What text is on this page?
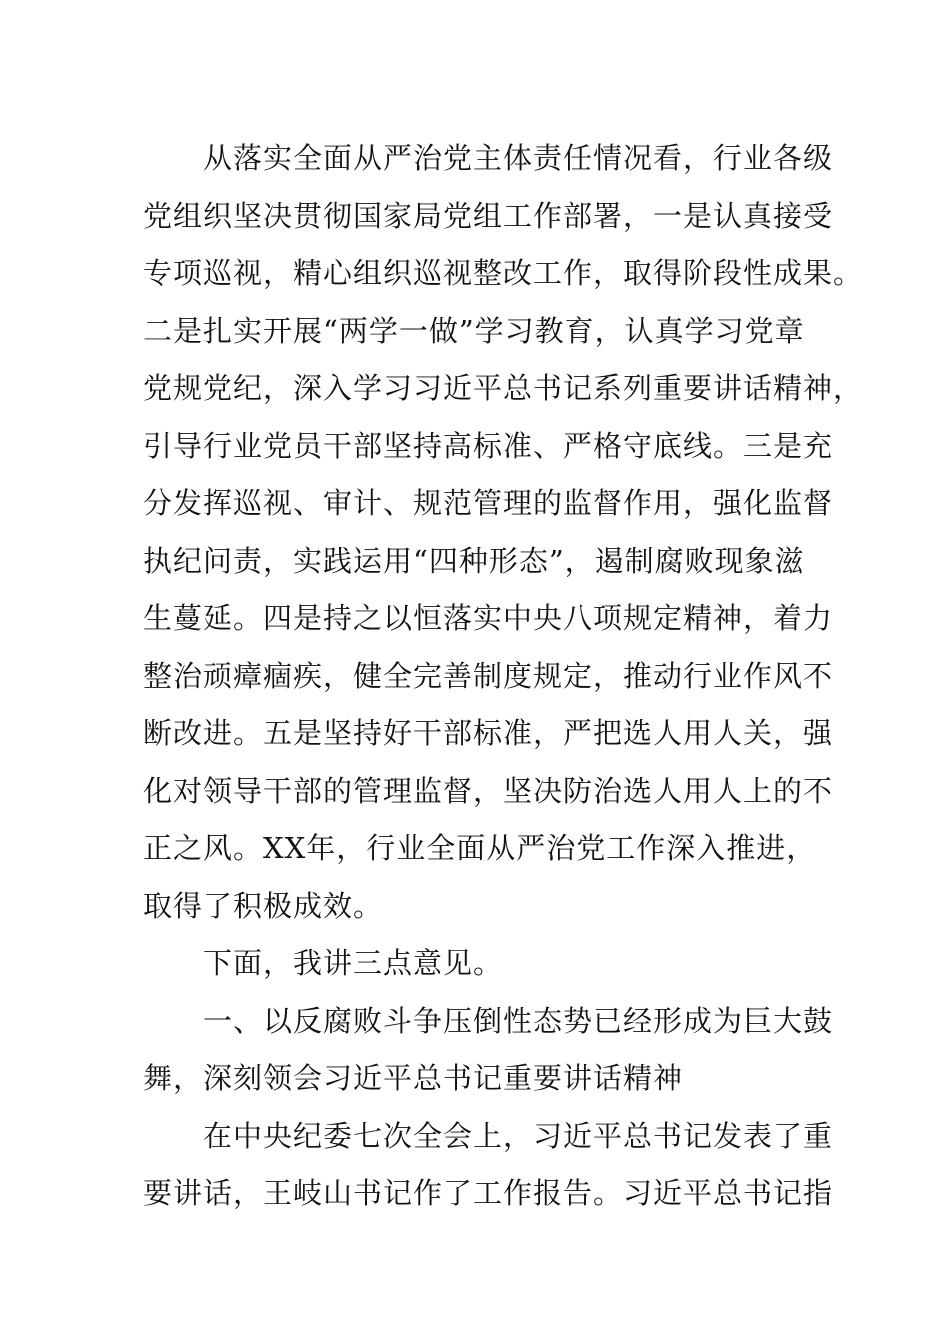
从落实全面从严治党主体责任情况看，行业各级
党组织坚决贯彻国家局党组工作部署，一是认真接受
专项巡视，精心组织巡视整改工作，取得阶段性成果。
二是扎实开展“两学一做”学习教育，认真学习党章
党规党纪，深入学习习近平总书记系列重要讲话精神，
引导行业党员干部坚持高标准、严格守底线。三是充
分发挥巡视、审计、规范管理的监督作用，强化监督
执纪问责，实践运用“四种形态”，遏制腐败现象滋
生蔓延。四是持之以恒落实中央八项规定精神，着力
整治顽瘴痼疾，健全完善制度规定，推动行业作风不
断改进。五是坚持好干部标准，严把选人用人关，强
化对领导干部的管理监督，坚决防治选人用人上的不
正之风。XX年，行业全面从严治党工作深入推进，
取得了积极成效。
下面，我讲三点意见。
一、以反腐败斗争压倒性态势已经形成为巨大鼓
舞，深刻领会习近平总书记重要讲话精神
在中央纪委七次全会上，习近平总书记发表了重
要讲话，王岐山书记作了工作报告。习近平总书记指
